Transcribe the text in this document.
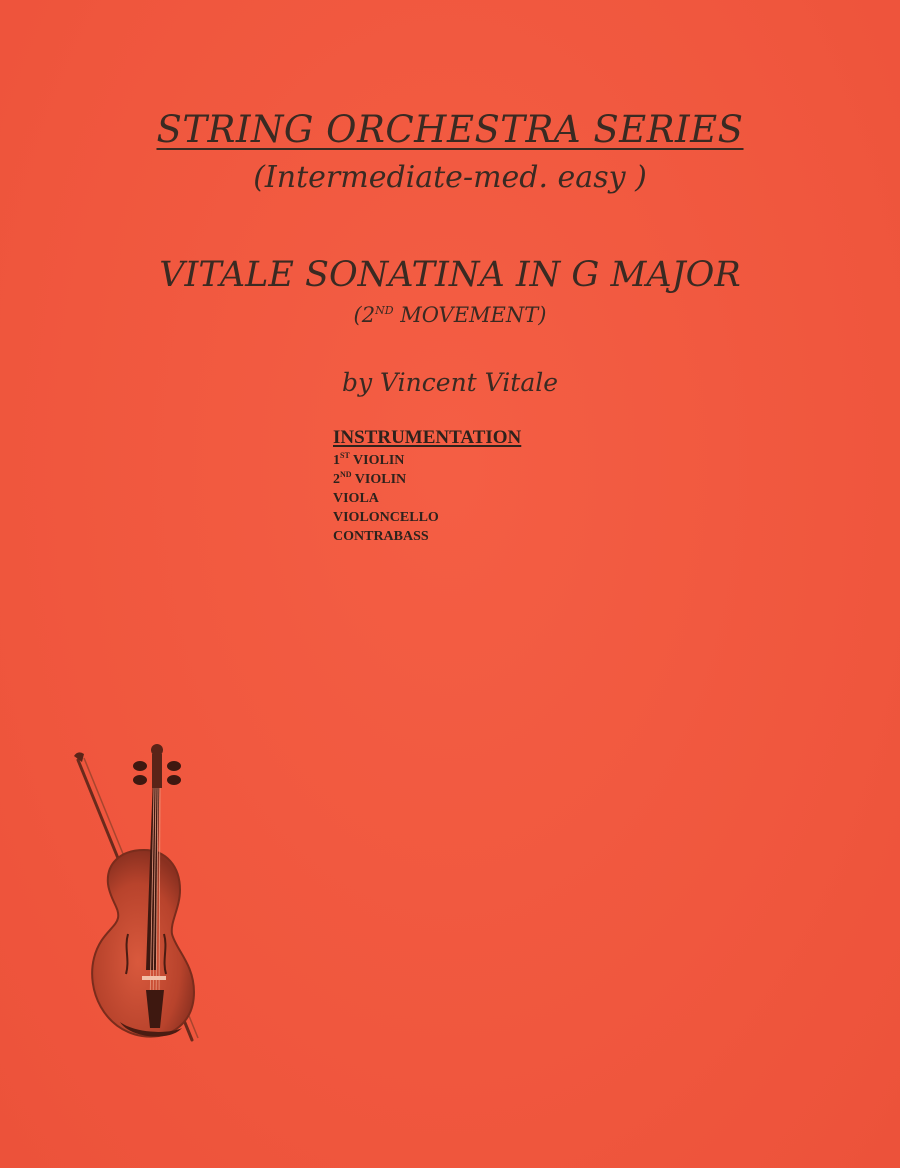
STRING ORCHESTRA SERIES
(Intermediate-med. easy )
VITALE SONATINA IN G MAJOR
(2ND MOVEMENT)
by Vincent Vitale
INSTRUMENTATION
1ST VIOLIN
2ND VIOLIN
VIOLA
VIOLONCELLO
CONTRABASS
